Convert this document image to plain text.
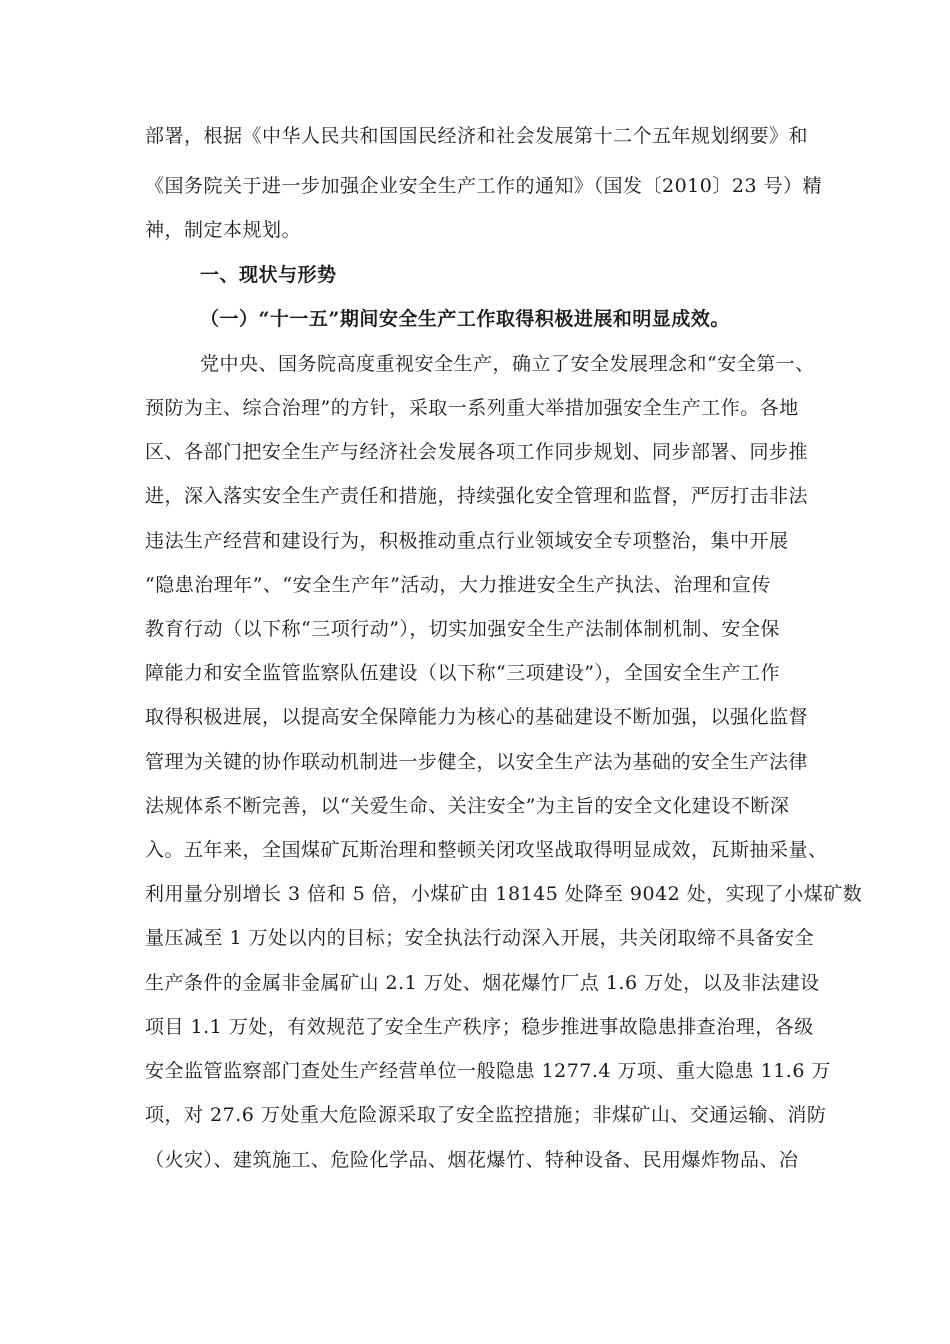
部署，根据《中华人民共和国国民经济和社会发展第十二个五年规划纲要》和
《国务院关于进一步加强企业安全生产工作的通知》（国发〔2010〕23 号）精
神，制定本规划。
一、现状与形势
（一）“十一五”期间安全生产工作取得积极进展和明显成效。
党中央、国务院高度重视安全生产，确立了安全发展理念和“安全第一、
预防为主、综合治理”的方针，采取一系列重大举措加强安全生产工作。各地
区、各部门把安全生产与经济社会发展各项工作同步规划、同步部署、同步推
进，深入落实安全生产责任和措施，持续强化安全管理和监督，严厉打击非法
违法生产经营和建设行为，积极推动重点行业领域安全专项整治，集中开展
“隐患治理年”、“安全生产年”活动，大力推进安全生产执法、治理和宣传
教育行动（以下称“三项行动”），切实加强安全生产法制体制机制、安全保
障能力和安全监管监察队伍建设（以下称“三项建设”），全国安全生产工作
取得积极进展，以提高安全保障能力为核心的基础建设不断加强，以强化监督
管理为关键的协作联动机制进一步健全，以安全生产法为基础的安全生产法律
法规体系不断完善，以“关爱生命、关注安全”为主旨的安全文化建设不断深
入。五年来，全国煤矿瓦斯治理和整顿关闭攻坚战取得明显成效，瓦斯抽采量、
利用量分别增长 3 倍和 5 倍，小煤矿由 18145 处降至 9042 处，实现了小煤矿数
量压减至 1 万处以内的目标；安全执法行动深入开展，共关闭取缔不具备安全
生产条件的金属非金属矿山 2.1 万处、烟花爆竹厂点 1.6 万处，以及非法建设
项目 1.1 万处，有效规范了安全生产秩序；稳步推进事故隐患排查治理，各级
安全监管监察部门查处生产经营单位一般隐患 1277.4 万项、重大隐患 11.6 万
项，对 27.6 万处重大危险源采取了安全监控措施；非煤矿山、交通运输、消防
（火灾）、建筑施工、危险化学品、烟花爆竹、特种设备、民用爆炸物品、冶
